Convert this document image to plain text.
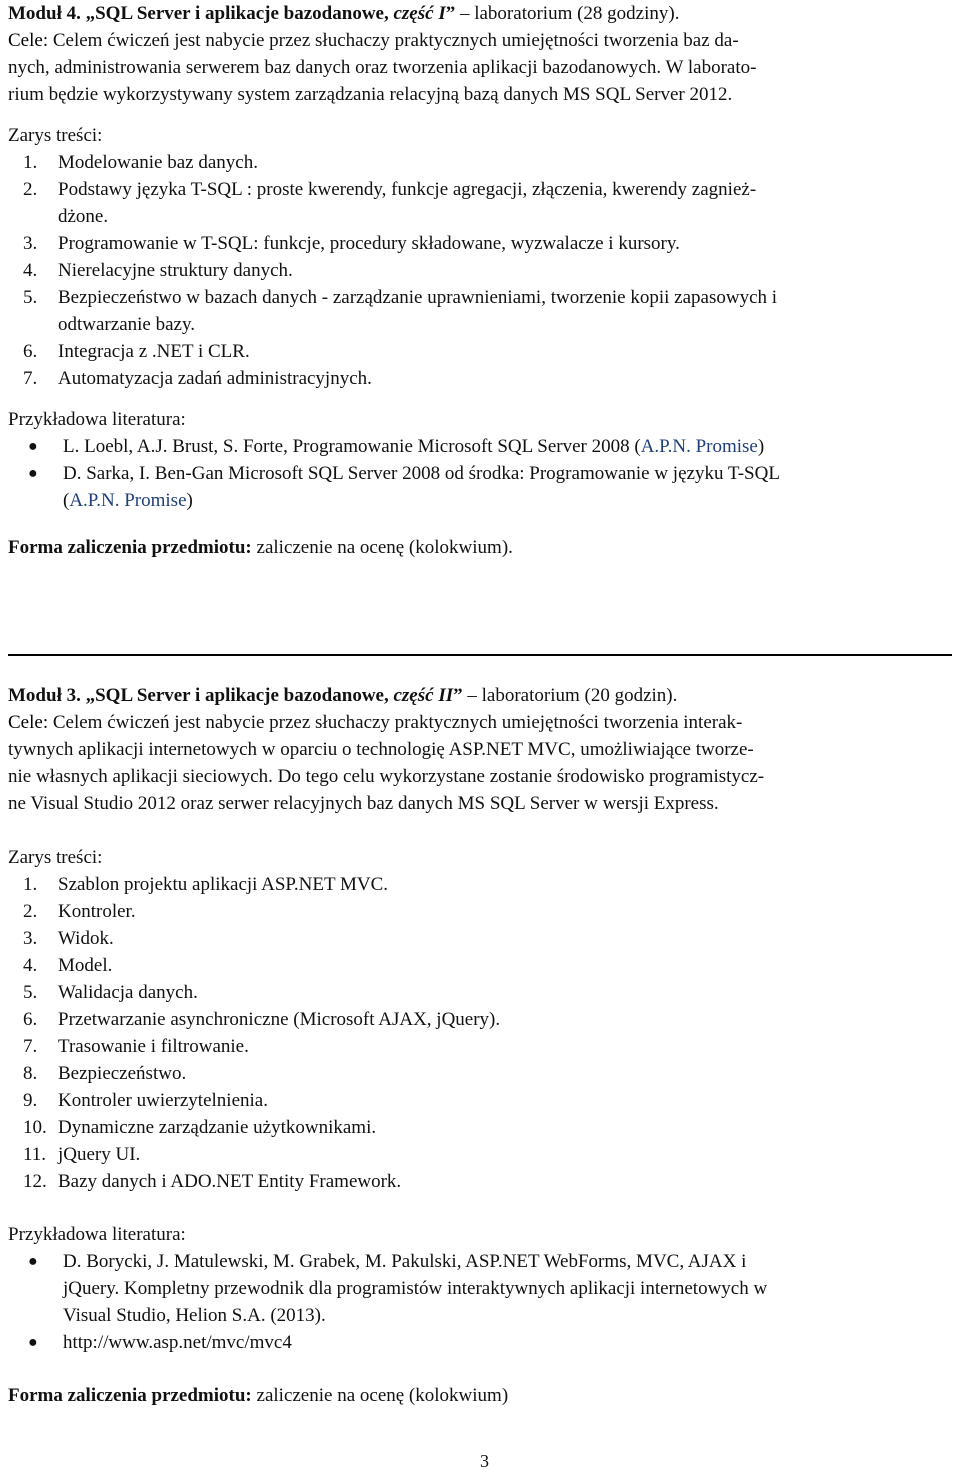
Moduł 4. „SQL Server i aplikacje bazodanowe, część I” – laboratorium (28 godziny).

Cele: Celem ćwiczeń jest nabycie przez słuchaczy praktycznych umiejętności tworzenia baz da-
nych, administrowania serwerem baz danych oraz tworzenia aplikacji bazodanowych. W laborato-
rium będzie wykorzystywany system zarządzania relacyjną bazą danych MS SQL Server 2012.

Zarys treści:

1. Modelowanie baz danych.
2. Podstawy języka T-SQL : proste kwerendy, funkcje agregacji, złączenia, kwerendy zagnież-
dżone.
3. Programowanie w T-SQL: funkcje, procedury składowane, wyzwalacze i kursory.
4. Nierelacyjne struktury danych.
5. Bezpieczeństwo w bazach danych - zarządzanie uprawnieniami, tworzenie kopii zapasowych i
odtwarzanie bazy.
6. Integracja z .NET i CLR.
7. Automatyzacja zadań administracyjnych.

Przykładowa literatura:

● L. Loebl, A.J. Brust, S. Forte, Programowanie Microsoft SQL Server 2008 (A.P.N. Promise)
● D. Sarka, I. Ben-Gan Microsoft SQL Server 2008 od środka: Programowanie w języku T-SQL
(A.P.N. Promise)

Forma zaliczenia przedmiotu: zaliczenie na ocenę (kolokwium).

Moduł 3. „SQL Server i aplikacje bazodanowe, część II” – laboratorium (20 godzin).

Cele: Celem ćwiczeń jest nabycie przez słuchaczy praktycznych umiejętności tworzenia interak-
tywnych aplikacji internetowych w oparciu o technologię ASP.NET MVC, umożliwiające tworze-
nie własnych aplikacji sieciowych. Do tego celu wykorzystane zostanie środowisko programistycz-
ne Visual Studio 2012 oraz serwer relacyjnych baz danych MS SQL Server w wersji Express.

Zarys treści:

1. Szablon projektu aplikacji ASP.NET MVC.
2. Kontroler.
3. Widok.
4. Model.
5. Walidacja danych.
6. Przetwarzanie asynchroniczne (Microsoft AJAX, jQuery).
7. Trasowanie i filtrowanie.
8. Bezpieczeństwo.
9. Kontroler uwierzytelnienia.
10. Dynamiczne zarządzanie użytkownikami.
11. jQuery UI.
12. Bazy danych i ADO.NET Entity Framework.

Przykładowa literatura:

● D. Borycki, J. Matulewski, M. Grabek, M. Pakulski, ASP.NET WebForms, MVC, AJAX i
jQuery. Kompletny przewodnik dla programistów interaktywnych aplikacji internetowych w
Visual Studio, Helion S.A. (2013).
● http://www.asp.net/mvc/mvc4

Forma zaliczenia przedmiotu: zaliczenie na ocenę (kolokwium)

3
